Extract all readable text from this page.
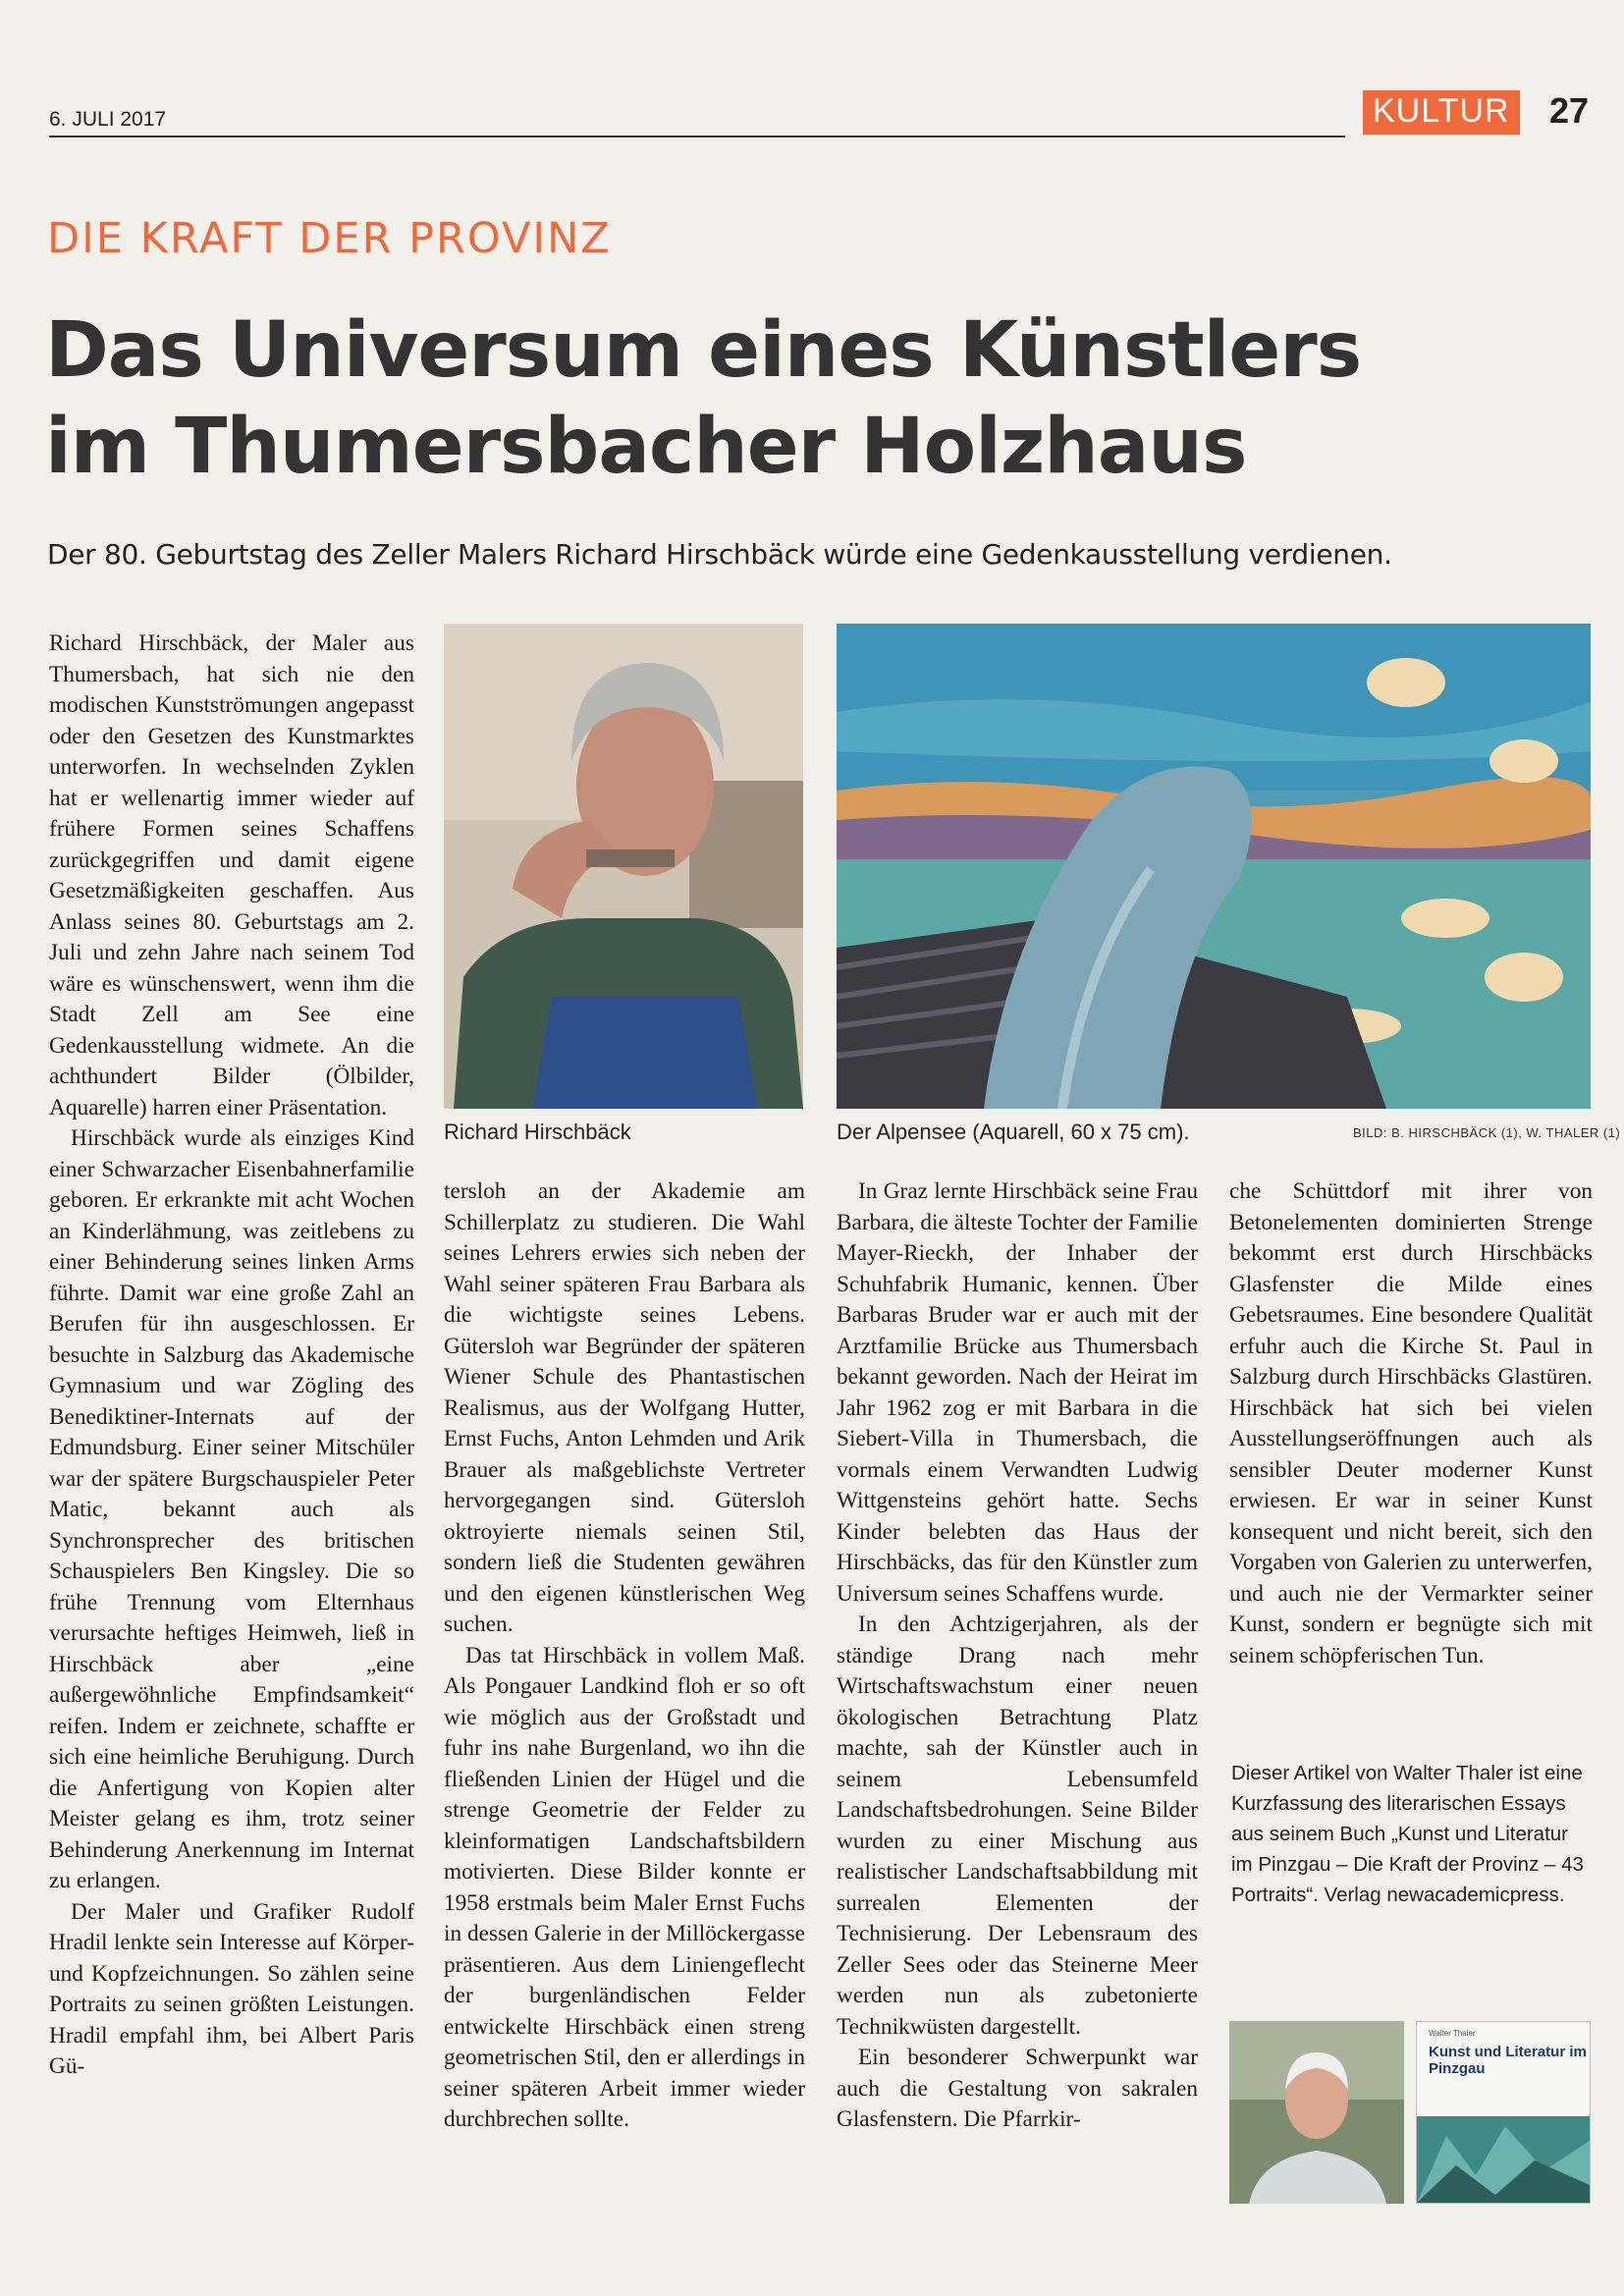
6. JULI 2017	KULTUR 27
DIE KRAFT DER PROVINZ
Das Universum eines Künstlers
im Thumersbacher Holzhaus
Der 80. Geburtstag des Zeller Malers Richard Hirschbäck würde eine Gedenkausstellung verdienen.

Richard Hirschbäck, der Maler aus Thumersbach, hat sich nie den modischen Kunstströmungen angepasst oder den Gesetzen des Kunstmarktes unterworfen. In wechselnden Zyklen hat er wellenartig immer wieder auf frühere Formen seines Schaffens zurückgegriffen und damit eigene Gesetzmäßigkeiten geschaffen. Aus Anlass seines 80. Geburtstags am 2. Juli und zehn Jahre nach seinem Tod wäre es wünschenswert, wenn ihm die Stadt Zell am See eine Gedenkausstellung widmete. An die achthundert Bilder (Ölbilder, Aquarelle) harren einer Präsentation.

Hirschbäck wurde als einziges Kind einer Schwarzacher Eisenbahnerfamilie geboren. Er erkrankte mit acht Wochen an Kinderlähmung, was zeitlebens zu einer Behinderung seines linken Arms führte. Damit war eine große Zahl an Berufen für ihn ausgeschlossen. Er besuchte in Salzburg das Akademische Gymnasium und war Zögling des Benediktiner-Internats auf der Edmundsburg. Einer seiner Mitschüler war der spätere Burgschauspieler Peter Matic, bekannt auch als Synchronsprecher des britischen Schauspielers Ben Kingsley. Die so frühe Trennung vom Elternhaus verursachte heftiges Heimweh, ließ in Hirschbäck aber „eine außergewöhnliche Empfindsamkeit“ reifen. Indem er zeichnete, schaffte er sich eine heimliche Beruhigung. Durch die Anfertigung von Kopien alter Meister gelang es ihm, trotz seiner Behinderung Anerkennung im Internat zu erlangen.

Der Maler und Grafiker Rudolf Hradil lenkte sein Interesse auf Körper- und Kopfzeichnungen. So zählen seine Portraits zu seinen größten Leistungen. Hradil empfahl ihm, bei Albert Paris Gü-

Richard Hirschbäck	Der Alpensee (Aquarell, 60 x 75 cm).	BILD: B. HIRSCHBÄCK (1), W. THALER (1)

tersloh an der Akademie am Schillerplatz zu studieren. Die Wahl seines Lehrers erwies sich neben der Wahl seiner späteren Frau Barbara als die wichtigste seines Lebens. Gütersloh war Begründer der späteren Wiener Schule des Phantastischen Realismus, aus der Wolfgang Hutter, Ernst Fuchs, Anton Lehmden und Arik Brauer als maßgeblichste Vertreter hervorgegangen sind. Gütersloh oktroyierte niemals seinen Stil, sondern ließ die Studenten gewähren und den eigenen künstlerischen Weg suchen.

Das tat Hirschbäck in vollem Maß. Als Pongauer Landkind floh er so oft wie möglich aus der Großstadt und fuhr ins nahe Burgenland, wo ihn die fließenden Linien der Hügel und die strenge Geometrie der Felder zu kleinformatigen Landschaftsbildern motivierten. Diese Bilder konnte er 1958 erstmals beim Maler Ernst Fuchs in dessen Galerie in der Millöckergasse präsentieren. Aus dem Liniengeflecht der burgenländischen Felder entwickelte Hirschbäck einen streng geometrischen Stil, den er allerdings in seiner späteren Arbeit immer wieder durchbrechen sollte.

In Graz lernte Hirschbäck seine Frau Barbara, die älteste Tochter der Familie Mayer-Rieckh, der Inhaber der Schuhfabrik Humanic, kennen. Über Barbaras Bruder war er auch mit der Arztfamilie Brücke aus Thumersbach bekannt geworden. Nach der Heirat im Jahr 1962 zog er mit Barbara in die Siebert-Villa in Thumersbach, die vormals einem Verwandten Ludwig Wittgensteins gehört hatte. Sechs Kinder belebten das Haus der Hirschbäcks, das für den Künstler zum Universum seines Schaffens wurde.

In den Achtzigerjahren, als der ständige Drang nach mehr Wirtschaftswachstum einer neuen ökologischen Betrachtung Platz machte, sah der Künstler auch in seinem Lebensumfeld Landschaftsbedrohungen. Seine Bilder wurden zu einer Mischung aus realistischer Landschaftsabbildung mit surrealen Elementen der Technisierung. Der Lebensraum des Zeller Sees oder das Steinerne Meer werden nun als zubetonierte Technikwüsten dargestellt.

Ein besonderer Schwerpunkt war auch die Gestaltung von sakralen Glasfenstern. Die Pfarrkir-

che Schüttdorf mit ihrer von Betonelementen dominierten Strenge bekommt erst durch Hirschbäcks Glasfenster die Milde eines Gebetsraumes. Eine besondere Qualität erfuhr auch die Kirche St. Paul in Salzburg durch Hirschbäcks Glastüren. Hirschbäck hat sich bei vielen Ausstellungseröffnungen auch als sensibler Deuter moderner Kunst erwiesen. Er war in seiner Kunst konsequent und nicht bereit, sich den Vorgaben von Galerien zu unterwerfen, und auch nie der Vermarkter seiner Kunst, sondern er begnügte sich mit seinem schöpferischen Tun.

Dieser Artikel von Walter Thaler ist eine Kurzfassung des literarischen Essays aus seinem Buch „Kunst und Literatur im Pinzgau – Die Kraft der Provinz – 43 Portraits“. Verlag newacademicpress.
Walter Thaler
Kunst und Literatur im Pinzgau
